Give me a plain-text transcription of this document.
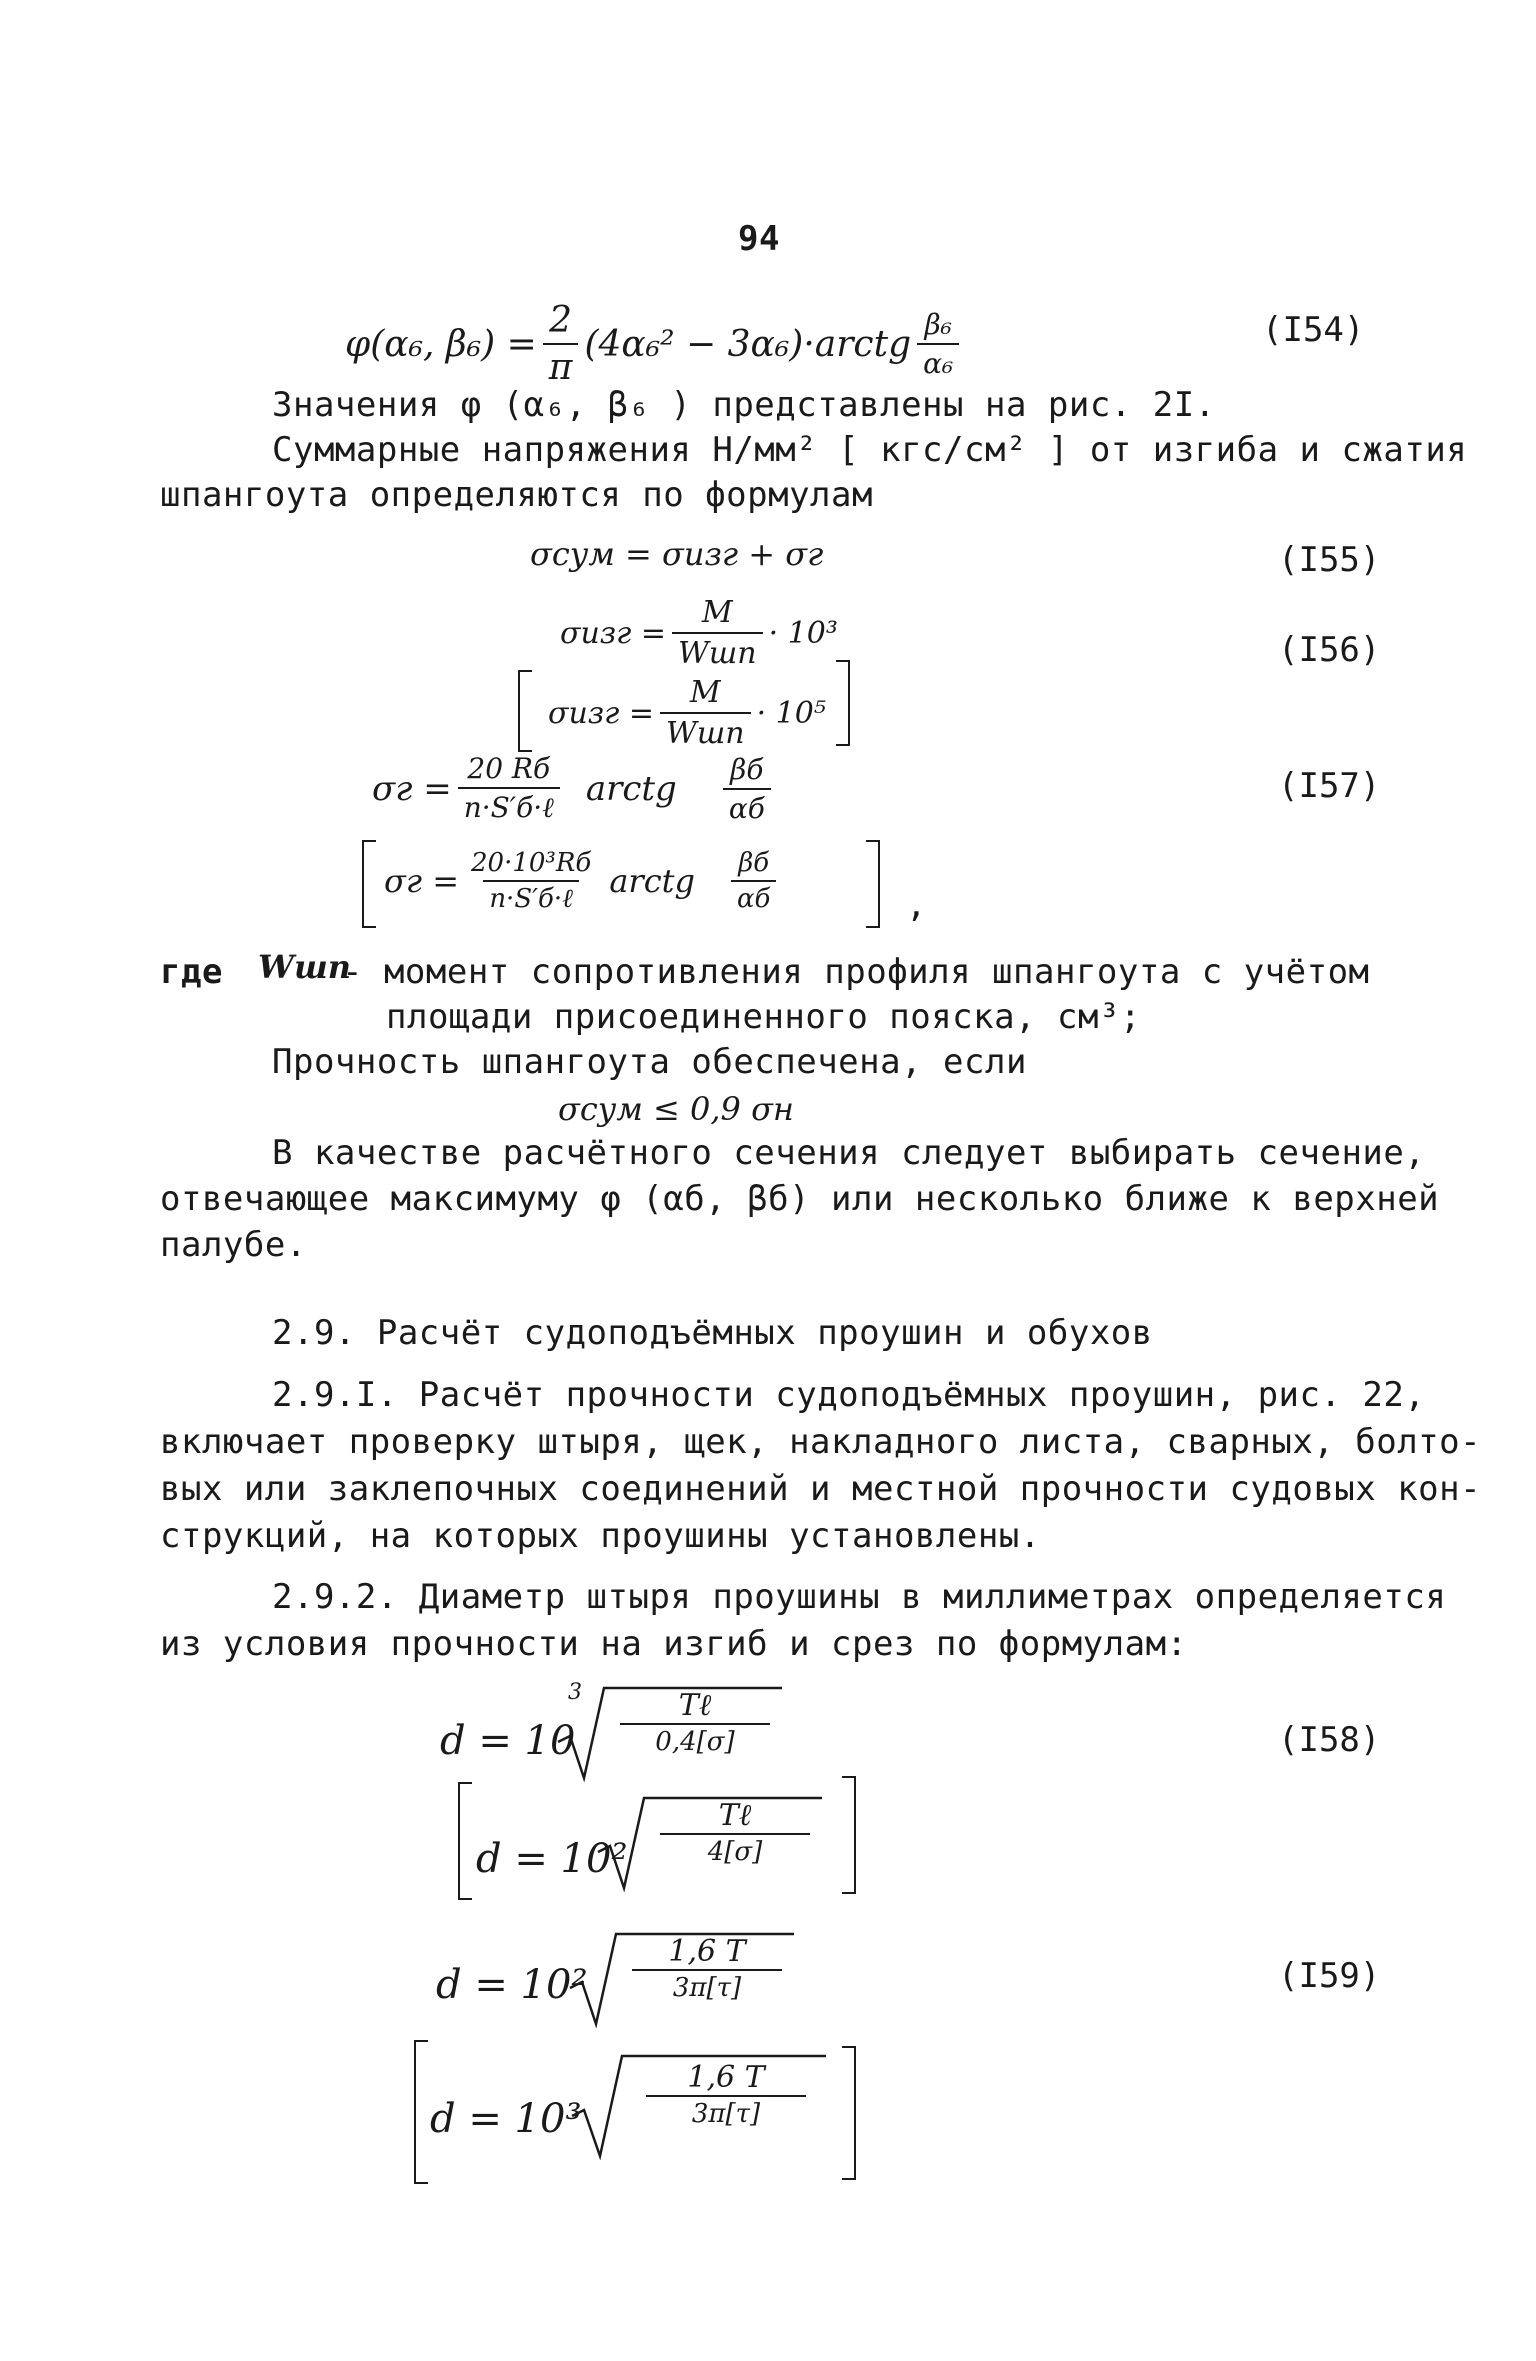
94
φ(α₆, $\beta_6) = \frac{2}{\pi} (4\alpha_6^2$ − 3α₆)·arctg $\frac{\text{β₆}}{\text{α₆}}$	(I54)
Значения φ (α₆, β₆ ) представлены на рис. 2I.
Суммарные напряжения Н/мм² [ кгс/см² ] от изгиба и сжатия
шпангоута определяются по формулам
σсум = σизг + σг	(I55)
$\sigma изг = \frac{M}{\text{Wшп}} \cdot 10^3$	(I56)
$\sigma изг = \frac{M}{\text{Wшп}} \cdot 10^5$
$\sigma г = \frac{20 Rб}{\text{n·S′б·ℓ}}$ arctg $\frac{\beta б}{\alpha б}$	(I57)
$\sigma г = \frac{\text{20·10³Rб}}{\text{n·S′б·ℓ}}$ arctg $\frac{\beta б}{\alpha б}$	,
где Wшп
- момент сопротивления профиля шпангоута с учётом
площади присоединенного пояска, см³;
Прочность шпангоута обеспечена, если
σсум ≤ 0,9 σн
В качестве расчётного сечения следует выбирать сечение,
отвечающее максимуму φ (αб, βб) или несколько ближе к верхней
палубе.
2.9. Расчёт судоподъёмных проушин и обухов
2.9.I. Расчёт прочности судоподъёмных проушин, рис. 22,
включает проверку штыря, щек, накладного листа, сварных, болто-
вых или заклепочных соединений и местной прочности судовых кон-
струкций, на которых проушины установлены.
2.9.2. Диаметр штыря проушины в миллиметрах определяется
из условия прочности на изгиб и срез по формулам:
d = 10
3	Tℓ
0,4[σ]	(I58)
d = 10²
Tℓ
4[σ]
$d = 10^2 \frac{1,6 T}{3\pi[\tau]}$	(I59)
$d = 10^3 \frac{1,6 T}{3\pi[\tau]}$
